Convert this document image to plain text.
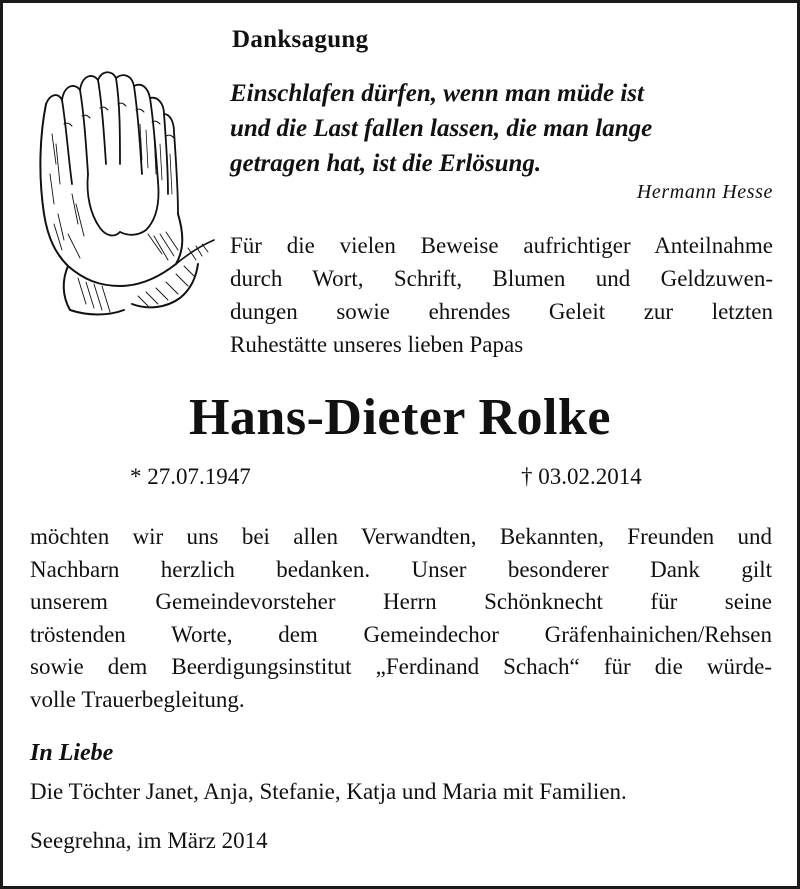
Danksagung
Einschlafen dürfen, wenn man müde ist
und die Last fallen lassen, die man lange
getragen hat, ist die Erlösung.
Hermann Hesse
Für die vielen Beweise aufrichtiger Anteilnahme
durch Wort, Schrift, Blumen und Geldzuwen-
dungen sowie ehrendes Geleit zur letzten
Ruhestätte unseres lieben Papas
Hans-Dieter Rolke
* 27.07.1947	† 03.02.2014
möchten wir uns bei allen Verwandten, Bekannten, Freunden und
Nachbarn herzlich bedanken. Unser besonderer Dank gilt
unserem Gemeindevorsteher Herrn Schönknecht für seine
tröstenden Worte, dem Gemeindechor Gräfenhainichen/Rehsen
sowie dem Beerdigungsinstitut „Ferdinand Schach“ für die würde-
volle Trauerbegleitung.
In Liebe
Die Töchter Janet, Anja, Stefanie, Katja und Maria mit Familien.
Seegrehna, im März 2014
